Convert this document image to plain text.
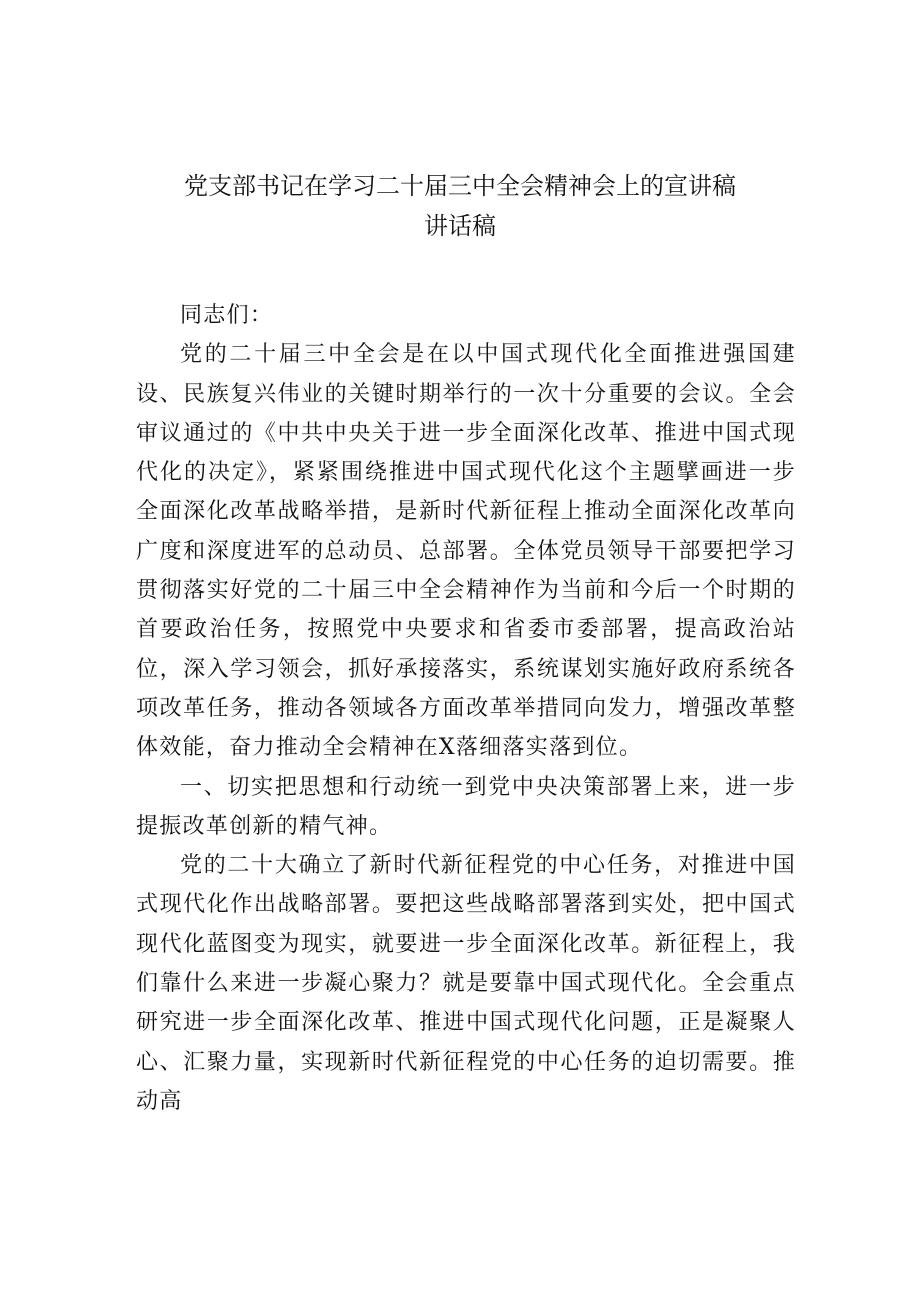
党支部书记在学习二十届三中全会精神会上的宣讲稿
讲话稿

同志们：

党的二十届三中全会是在以中国式现代化全面推进强国建设、民族复兴伟业的关键时期举行的一次十分重要的会议。全会审议通过的《中共中央关于进一步全面深化改革、推进中国式现代化的决定》，紧紧围绕推进中国式现代化这个主题擘画进一步全面深化改革战略举措，是新时代新征程上推动全面深化改革向广度和深度进军的总动员、总部署。全体党员领导干部要把学习贯彻落实好党的二十届三中全会精神作为当前和今后一个时期的首要政治任务，按照党中央要求和省委市委部署，提高政治站位，深入学习领会，抓好承接落实，系统谋划实施好政府系统各项改革任务，推动各领域各方面改革举措同向发力，增强改革整体效能，奋力推动全会精神在X落细落实落到位。

一、切实把思想和行动统一到党中央决策部署上来，进一步提振改革创新的精气神。

党的二十大确立了新时代新征程党的中心任务，对推进中国式现代化作出战略部署。要把这些战略部署落到实处，把中国式现代化蓝图变为现实，就要进一步全面深化改革。新征程上，我们靠什么来进一步凝心聚力？就是要靠中国式现代化。全会重点研究进一步全面深化改革、推进中国式现代化问题，正是凝聚人心、汇聚力量，实现新时代新征程党的中心任务的迫切需要。推动高
